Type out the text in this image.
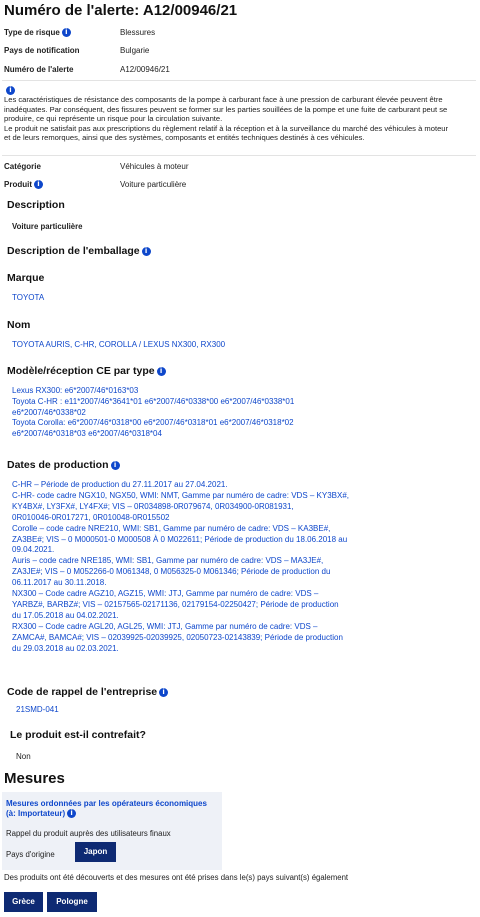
Numéro de l'alerte: A12/00946/21
Type de risque i	Blessures
Pays de notification	Bulgarie
Numéro de l'alerte	A12/00946/21
i
Les caractéristiques de résistance des composants de la pompe à carburant face à une pression de carburant élevée peuvent être
inadéquates. Par conséquent, des fissures peuvent se former sur les parties souillées de la pompe et une fuite de carburant peut se
produire, ce qui représente un risque pour la circulation suivante.
Le produit ne satisfait pas aux prescriptions du règlement relatif à la réception et à la surveillance du marché des véhicules à moteur
et de leurs remorques, ainsi que des systèmes, composants et entités techniques destinés à ces véhicules.
Catégorie	Véhicules à moteur
Produit i	Voiture particulière
Description
Voiture particulière
Description de l'emballage i
Marque
TOYOTA
Nom
TOYOTA AURIS, C-HR, COROLLA / LEXUS NX300, RX300
Modèle/réception CE par type i
Lexus RX300: e6*2007/46*0163*03
Toyota C-HR : e11*2007/46*3641*01 e6*2007/46*0338*00 e6*2007/46*0338*01
e6*2007/46*0338*02
Toyota Corolla: e6*2007/46*0318*00 e6*2007/46*0318*01 e6*2007/46*0318*02
e6*2007/46*0318*03 e6*2007/46*0318*04
Dates de production i
C-HR – Période de production du 27.11.2017 au 27.04.2021.
C-HR- code cadre NGX10, NGX50, WMI: NMT, Gamme par numéro de cadre: VDS – KY3BX#,
KY4BX#, LY3FX#, LY4FX#; VIS – 0R034898-0R079674, 0R034900-0R081931,
0R010046-0R017271, 0R010048-0R015502
Corolle – code cadre NRE210, WMI: SB1, Gamme par numéro de cadre: VDS – KA3BE#,
ZA3BE#; VIS – 0 M000501-0 M000508 À 0 M022611; Période de production du 18.06.2018 au
09.04.2021.
Auris – code cadre NRE185, WMI: SB1, Gamme par numéro de cadre: VDS – MA3JE#,
ZA3JE#; VIS – 0 M052266-0 M061348, 0 M056325-0 M061346; Période de production du
06.11.2017 au 30.11.2018.
NX300 – Code cadre AGZ10, AGZ15, WMI: JTJ, Gamme par numéro de cadre: VDS –
YARBZ#, BARBZ#; VIS – 02157565-02171136, 02179154-02250427; Période de production
du 17.05.2018 au 04.02.2021.
RX300 – Code cadre AGL20, AGL25, WMI: JTJ, Gamme par numéro de cadre: VDS –
ZAMCA#, BAMCA#; VIS – 02039925-02039925, 02050723-02143839; Période de production
du 29.03.2018 au 02.03.2021.
Code de rappel de l'entreprise i
21SMD-041
Le produit est-il contrefait?
Non
Mesures
Mesures ordonnées par les opérateurs économiques
(à: Importateur) i
Rappel du produit auprès des utilisateurs finaux
Pays d'origine	Japon
Des produits ont été découverts et des mesures ont été prises dans le(s) pays suivant(s) également
Grèce	Pologne
